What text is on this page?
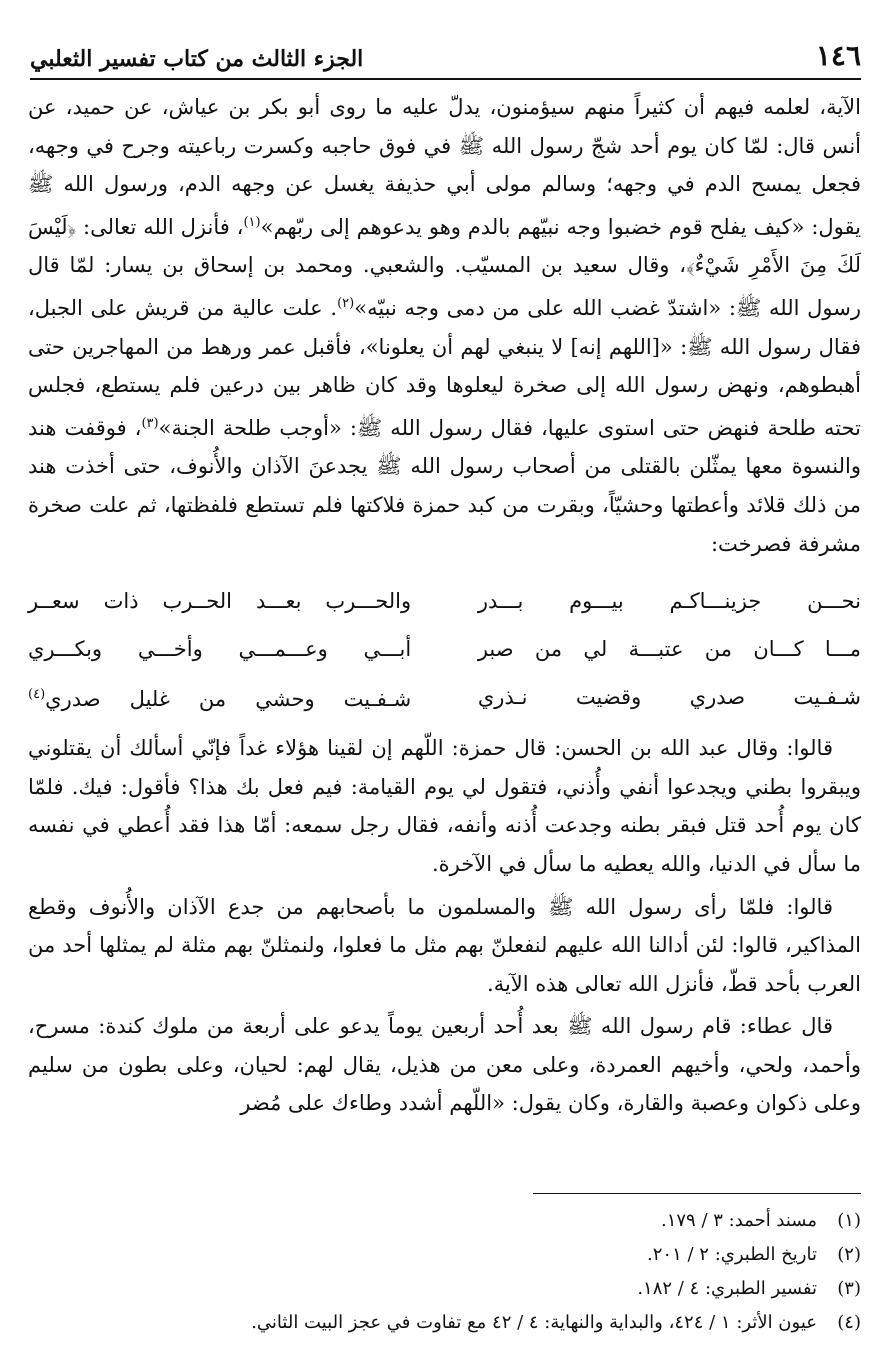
١٤٦
الجزء الثالث من كتاب تفسير الثعلبي

الآية، لعلمه فيهم أن كثيراً منهم سيؤمنون، يدلّ عليه ما روى أبو بكر بن عياش، عن حميد، عن أنس قال: لمّا كان يوم أحد شجّ رسول الله ﷺ في فوق حاجبه وكسرت رباعيته وجرح في وجهه، فجعل يمسح الدم في وجهه؛ وسالم مولى أبي حذيفة يغسل عن وجهه الدم، ورسول الله ﷺ يقول: «كيف يفلح قوم خضبوا وجه نبيّهم بالدم وهو يدعوهم إلى ربّهم»$^{(١)}$، فأنزل الله تعالى: ﴿لَيْسَ لَكَ مِنَ الأَمْرِ شَيْءٌ﴾، وقال سعيد بن المسيّب. والشعبي. ومحمد بن إسحاق بن يسار: لمّا قال رسول الله ﷺ: «اشتدّ غضب الله على من دمى وجه نبيّه»$^{(٢)}$. علت عالية من قريش على الجبل، فقال رسول الله ﷺ: «[اللهم إنه] لا ينبغي لهم أن يعلونا»، فأقبل عمر ورهط من المهاجرين حتى أهبطوهم، ونهض رسول الله إلى صخرة ليعلوها وقد كان ظاهر بين درعين فلم يستطع، فجلس تحته طلحة فنهض حتى استوى عليها، فقال رسول الله ﷺ: «أوجب طلحة الجنة»$^{(٣)}$، فوقفت هند والنسوة معها يمثّلن بالقتلى من أصحاب رسول الله ﷺ يجدعنَ الآذان والأُنوف، حتى أخذت هند من ذلك قلائد وأعطتها وحشيّاً، وبقرت من كبد حمزة فلاكتها فلم تستطع فلفظتها، ثم علت صخرة مشرفة فصرخت:

نحـــن جزينـــاكـم بيـــوم بـــدر
والحـــرب بعـــد الحــرب ذات سعــر
مـــا كـــان من عتبـــة لي من صبر
أبـــي وعـــمـــي وأخـــي وبكـــري
شـفـيت صدري وقضيت نـذري
شـفـيت وحشي من غليل صدري$^{(٤)}$

قالوا: وقال عبد الله بن الحسن: قال حمزة: اللّهم إن لقينا هؤلاء غداً فإنّي أسألك أن يقتلوني ويبقروا بطني ويجدعوا أنفي وأُذني، فتقول لي يوم القيامة: فيم فعل بك هذا؟ فأقول: فيك. فلمّا كان يوم أُحد قتل فبقر بطنه وجدعت أُذنه وأنفه، فقال رجل سمعه: أمّا هذا فقد أُعطي في نفسه ما سأل في الدنيا، والله يعطيه ما سأل في الآخرة.

قالوا: فلمّا رأى رسول الله ﷺ والمسلمون ما بأصحابهم من جدع الآذان والأُنوف وقطع المذاكير، قالوا: لئن أدالنا الله عليهم لنفعلنّ بهم مثل ما فعلوا، ولنمثلنّ بهم مثلة لم يمثلها أحد من العرب بأحد قطّ، فأنزل الله تعالى هذه الآية.

قال عطاء: قام رسول الله ﷺ بعد أُحد أربعين يوماً يدعو على أربعة من ملوك كندة: مسرح، وأحمد، ولحي، وأخيهم العمردة، وعلى معن من هذيل، يقال لهم: لحيان، وعلى بطون من سليم وعلى ذكوان وعصبة والقارة، وكان يقول: «اللّهم أشدد وطاءك على مُضر

(١)
مسند أحمد: ٣ / ١٧٩.
(٢)
تاريخ الطبري: ٢ / ٢٠١.
(٣)
تفسير الطبري: ٤ / ١٨٢.
(٤)
عيون الأثر: ١ / ٤٢٤، والبداية والنهاية: ٤ / ٤٢ مع تفاوت في عجز البيت الثاني.
